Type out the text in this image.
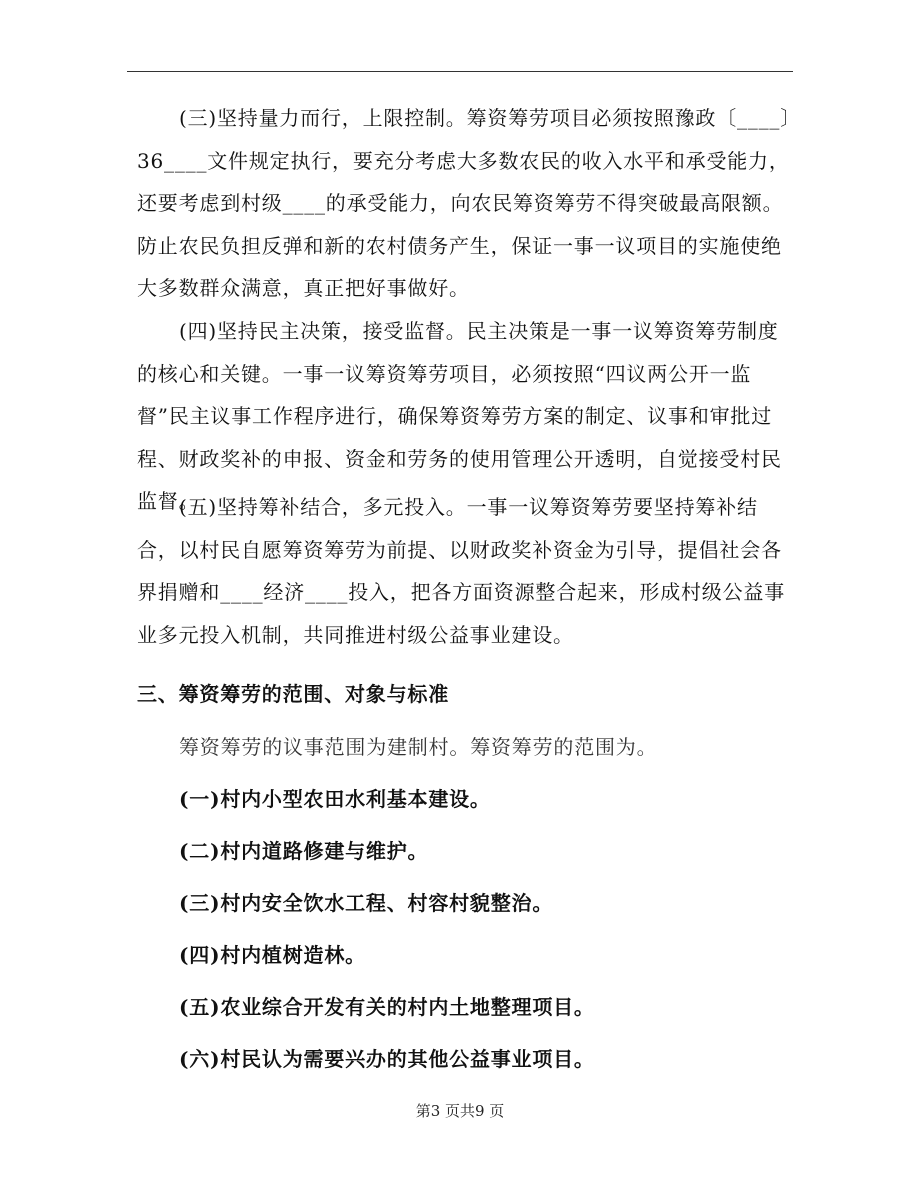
(三)坚持量力而行，上限控制。筹资筹劳项目必须按照豫政〔____〕36____文件规定执行，要充分考虑大多数农民的收入水平和承受能力，还要考虑到村级____的承受能力，向农民筹资筹劳不得突破最高限额。防止农民负担反弹和新的农村债务产生，保证一事一议项目的实施使绝大多数群众满意，真正把好事做好。

(四)坚持民主决策，接受监督。民主决策是一事一议筹资筹劳制度的核心和关键。一事一议筹资筹劳项目，必须按照“四议两公开一监督”民主议事工作程序进行，确保筹资筹劳方案的制定、议事和审批过程、财政奖补的申报、资金和劳务的使用管理公开透明，自觉接受村民监督。

(五)坚持筹补结合，多元投入。一事一议筹资筹劳要坚持筹补结合，以村民自愿筹资筹劳为前提、以财政奖补资金为引导，提倡社会各界捐赠和____经济____投入，把各方面资源整合起来，形成村级公益事业多元投入机制，共同推进村级公益事业建设。

三、筹资筹劳的范围、对象与标准
筹资筹劳的议事范围为建制村。筹资筹劳的范围为。
(一)村内小型农田水利基本建设。
(二)村内道路修建与维护。
(三)村内安全饮水工程、村容村貌整治。
(四)村内植树造林。
(五)农业综合开发有关的村内土地整理项目。
(六)村民认为需要兴办的其他公益事业项目。
第3 页共9 页
